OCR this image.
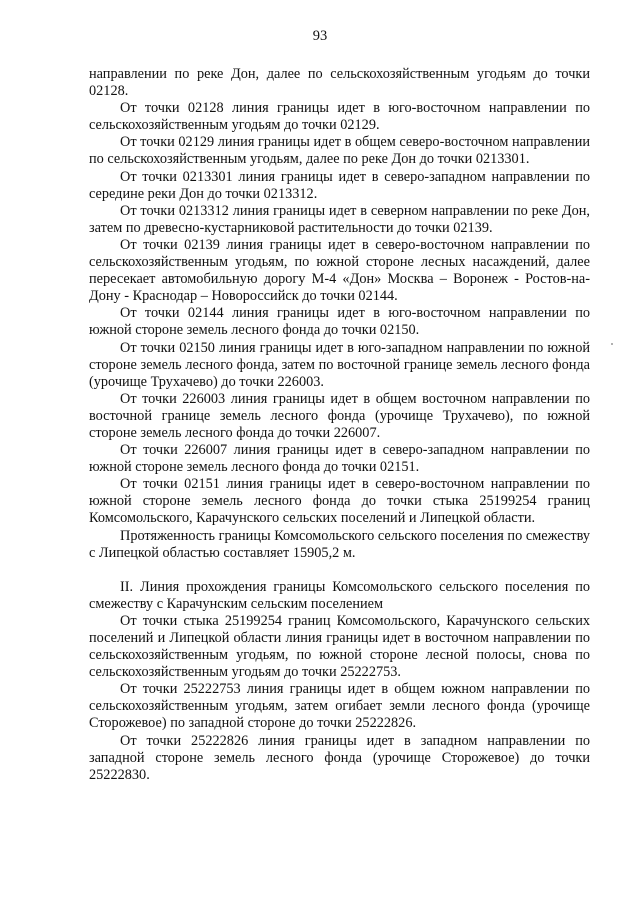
93

направлении по реке Дон, далее по сельскохозяйственным угодьям до точки 02128.

От точки 02128 линия границы идет в юго-восточном направлении по сельскохозяйственным угодьям до точки 02129.

От точки 02129 линия границы идет в общем северо-восточном направлении по сельскохозяйственным угодьям, далее по реке Дон до точки 0213301.

От точки 0213301 линия границы идет в северо-западном направлении по середине реки Дон до точки 0213312.

От точки 0213312 линия границы идет в северном направлении по реке Дон, затем по древесно-кустарниковой растительности до точки 02139.

От точки 02139 линия границы идет в северо-восточном направлении по сельскохозяйственным угодьям, по южной стороне лесных насаждений, далее пересекает автомобильную дорогу М-4 «Дон» Москва – Воронеж - Ростов-на-Дону - Краснодар – Новороссийск до точки 02144.

От точки 02144 линия границы идет в юго-восточном направлении по южной стороне земель лесного фонда до точки 02150.

От точки 02150 линия границы идет в юго-западном направлении по южной стороне земель лесного фонда, затем по восточной границе земель лесного фонда (урочище Трухачево) до точки 226003.

От точки 226003 линия границы идет в общем восточном направлении по восточной границе земель лесного фонда (урочище Трухачево), по южной стороне земель лесного фонда до точки 226007.

От точки 226007 линия границы идет в северо-западном направлении по южной стороне земель лесного фонда до точки 02151.

От точки 02151 линия границы идет в северо-восточном направлении по южной стороне земель лесного фонда до точки стыка 25199254 границ Комсомольского, Карачунского сельских поселений и Липецкой области.

Протяженность границы Комсомольского сельского поселения по смежеству с Липецкой областью составляет 15905,2 м.

II. Линия прохождения границы Комсомольского сельского поселения по смежеству с Карачунским сельским поселением

От точки стыка 25199254 границ Комсомольского, Карачунского сельских поселений и Липецкой области линия границы идет в восточном направлении по сельскохозяйственным угодьям, по южной стороне лесной полосы, снова по сельскохозяйственным угодьям до точки 25222753.

От точки 25222753 линия границы идет в общем южном направлении по сельскохозяйственным угодьям, затем огибает земли лесного фонда (урочище Сторожевое) по западной стороне до точки 25222826.

От точки 25222826 линия границы идет в западном направлении по западной стороне земель лесного фонда (урочище Сторожевое) до точки 25222830.
